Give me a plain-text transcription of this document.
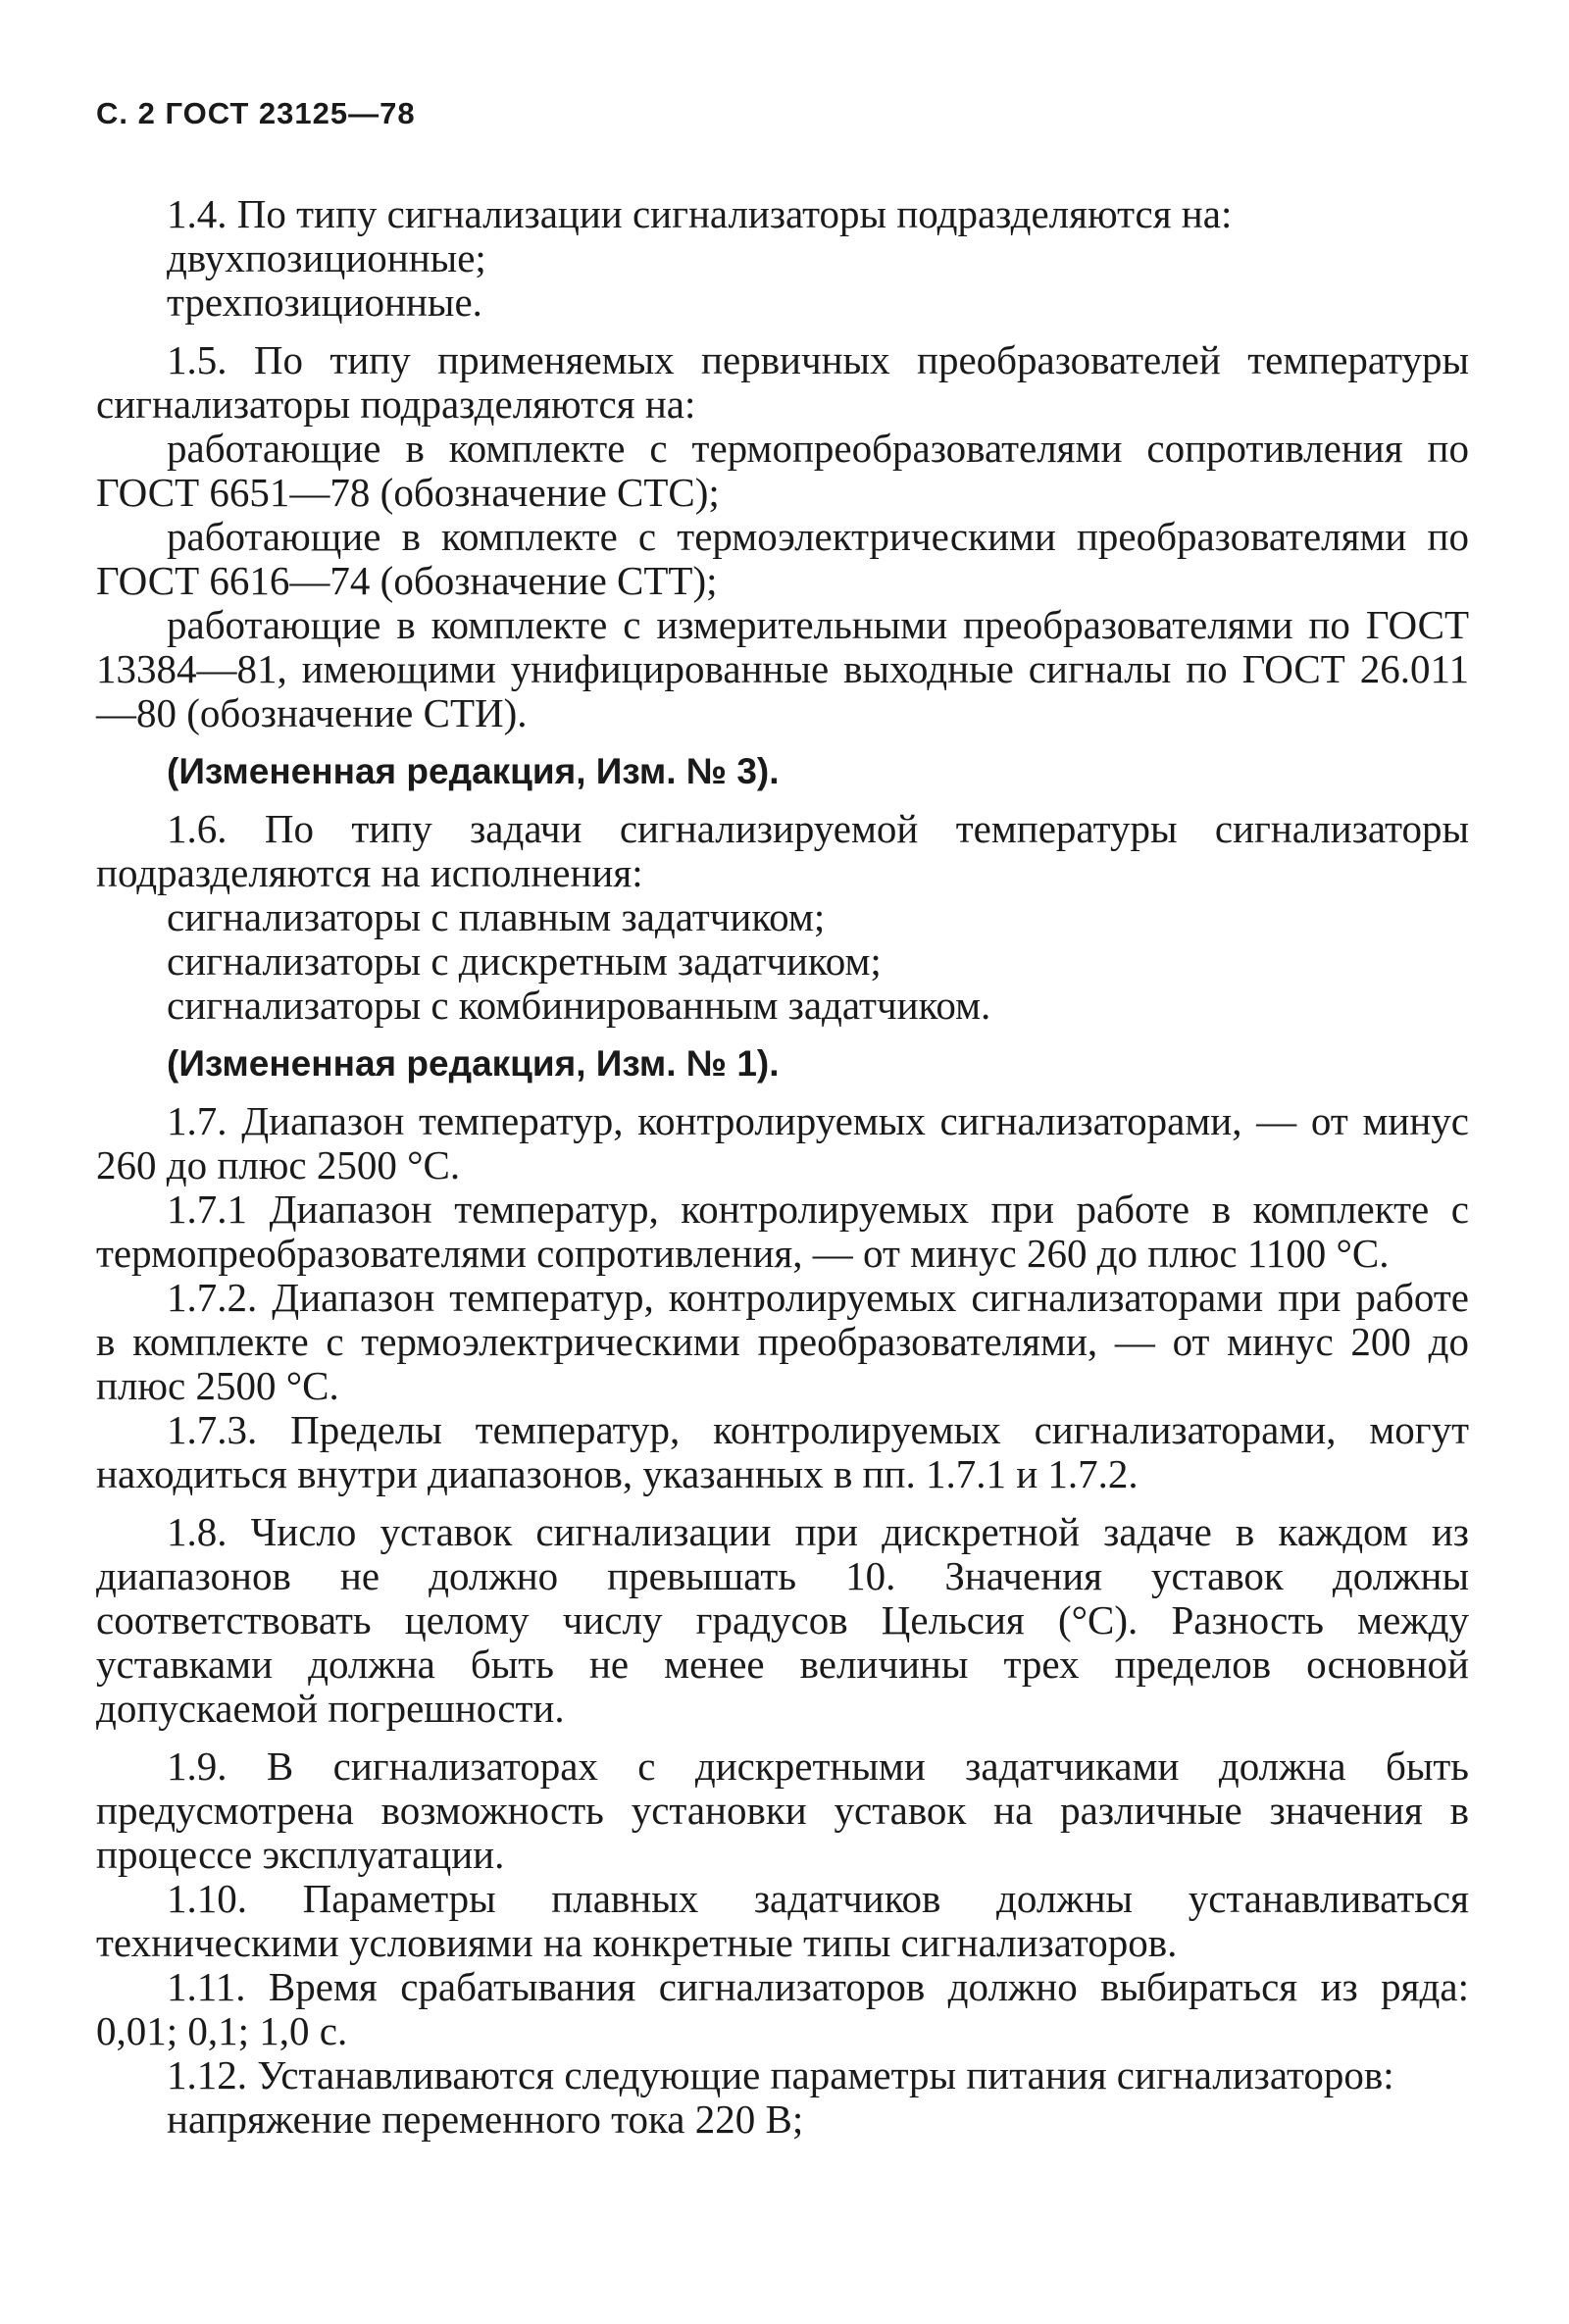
С. 2 ГОСТ 23125—78

1.4. По типу сигнализации сигнализаторы подразделяются на:

двухпозиционные;

трехпозиционные.

1.5. По типу применяемых первичных преобразователей температуры сигнализаторы подразделяются на:

работающие в комплекте с термопреобразователями сопротивления по ГОСТ 6651—78 (обозначение СТС);

работающие в комплекте с термоэлектрическими преобразователями по ГОСТ 6616—74 (обозначение СТТ);

работающие в комплекте с измерительными преобразователями по ГОСТ 13384—81, имеющими унифицированные выходные сигналы по ГОСТ 26.011—80 (обозначение СТИ).

(Измененная редакция, Изм. № 3).

1.6. По типу задачи сигнализируемой температуры сигнализаторы подразделяются на исполнения:

сигнализаторы с плавным задатчиком;

сигнализаторы с дискретным задатчиком;

сигнализаторы с комбинированным задатчиком.

(Измененная редакция, Изм. № 1).

1.7. Диапазон температур, контролируемых сигнализаторами, — от минус 260 до плюс 2500 °С.

1.7.1 Диапазон температур, контролируемых при работе в комплекте с термопреобразователями сопротивления, — от минус 260 до плюс 1100 °С.

1.7.2. Диапазон температур, контролируемых сигнализаторами при работе в комплекте с термоэлектрическими преобразователями, — от минус 200 до плюс 2500 °С.

1.7.3. Пределы температур, контролируемых сигнализаторами, могут находиться внутри диапазонов, указанных в пп. 1.7.1 и 1.7.2.

1.8. Число уставок сигнализации при дискретной задаче в каждом из диапазонов не должно превышать 10. Значения уставок должны соответствовать целому числу градусов Цельсия (°С). Разность между уставками должна быть не менее величины трех пределов основной допускаемой погрешности.

1.9. В сигнализаторах с дискретными задатчиками должна быть предусмотрена возможность установки уставок на различные значения в процессе эксплуатации.

1.10. Параметры плавных задатчиков должны устанавливаться техническими условиями на конкретные типы сигнализаторов.

1.11. Время срабатывания сигнализаторов должно выбираться из ряда: 0,01; 0,1; 1,0 с.

1.12. Устанавливаются следующие параметры питания сигнализаторов:

напряжение переменного тока 220 В;
